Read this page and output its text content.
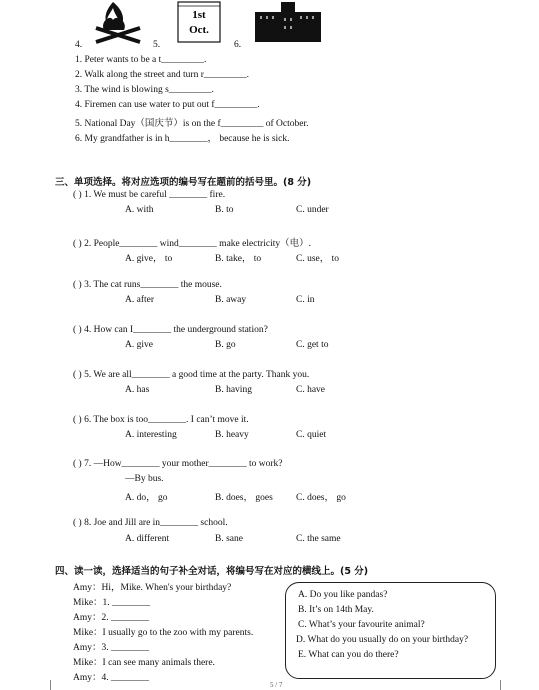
1st
Oct.
4.	5.	6.
1. Peter wants to be a t_________.
2. Walk along the street and turn r_________.
3. The wind is blowing s_________.
4. Firemen can use water to put out f_________.
5. National Day（国庆节）is on the f_________ of October.
6. My grandfather is in h________， because he is sick.
三、单项选择。将对应选项的编号写在题前的括号里。(8 分)
( ) 1. We must be careful ________ fire.
A. with	B. to	C. under
( ) 2. People________ wind________ make electricity（电）.
A. give， to	B. take， to	C. use， to
( ) 3. The cat runs________ the mouse.
A. after	B. away	C. in
( ) 4. How can I________ the underground station?
A. give	B. go	C. get to
( ) 5. We are all________ a good time at the party. Thank you.
A. has	B. having	C. have
( ) 6. The box is too________. I can’t move it.
A. interesting	B. heavy	C. quiet
( ) 7. —How________ your mother________ to work?
—By bus.
A. do， go	B. does， goes C. does， go
( ) 8. Joe and Jill are in________ school.
A. different	B. sane	C. the same
四、读一读，选择适当的句子补全对话，将编号写在对应的横线上。(5 分)
Amy：Hi，Mike. When's your birthday?
Mike：1. ________
Amy：2. ________
Mike：I usually go to the zoo with my parents.
Amy：3. ________
Mike：I can see many animals there.
Amy：4. ________
A. Do you like pandas?
B. It’s on 14th May.
C. What’s your favourite animal?
D. What do you usually do on your birthday?
E. What can you do there?
5 / 7
